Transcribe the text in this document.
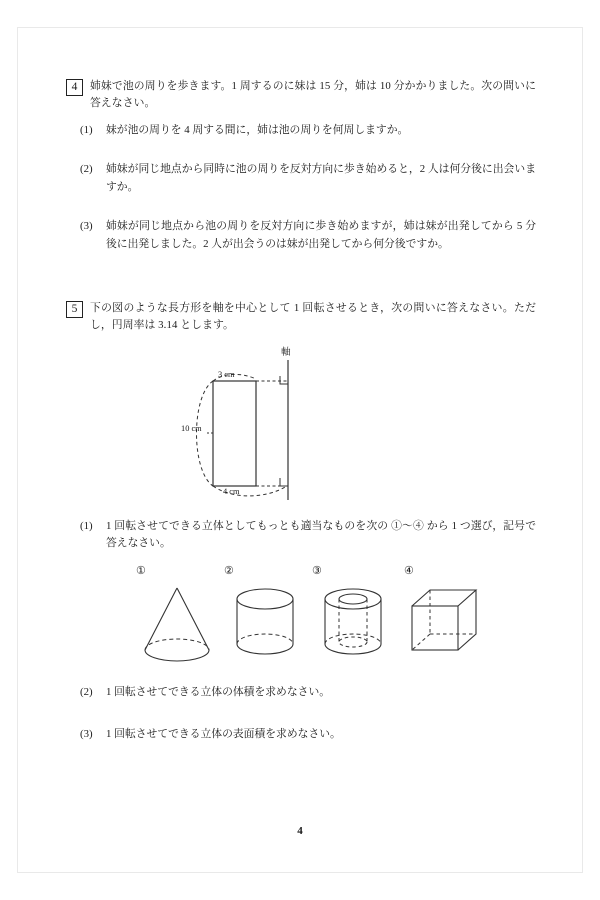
4	姉妹で池の周りを歩きます。1 周するのに妹は 15 分，姉は 10 分かかりました。次の問いに答えなさい。
(1)	妹が池の周りを 4 周する間に，姉は池の周りを何周しますか。
(2)	姉妹が同じ地点から同時に池の周りを反対方向に歩き始めると，2 人は何分後に出会いますか。
(3)	姉妹が同じ地点から池の周りを反対方向に歩き始めますが，姉は妹が出発してから 5 分後に出発しました。2 人が出会うのは妹が出発してから何分後ですか。
5	下の図のような長方形を軸を中心として 1 回転させるとき，次の問いに答えなさい。ただし，円周率は 3.14 とします。
3 cm
10 cm
4 cm
軸
(1)	1 回転させてできる立体としてもっとも適当なものを次の ①〜④ から 1 つ選び，記号で答えなさい。
①	②	③	④
(2)	1 回転させてできる立体の体積を求めなさい。
(3)	1 回転させてできる立体の表面積を求めなさい。
4
